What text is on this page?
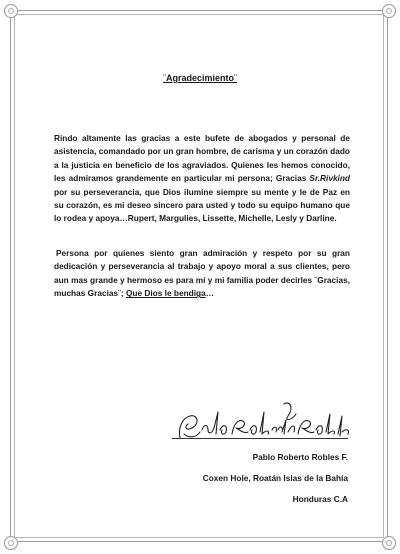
¨Agradecimiento¨

Rindo altamente las gracias a este bufete de abogados y personal de asistencia, comandado por un gran hombre, de carisma y un corazón dado a la justicia en beneficio de los agraviados. Quienes les hemos conocido, les admiramos grandemente en particular mi persona; Gracias Sr.Rivkind por su perseverancia, que Dios ilumine siempre su mente y le de Paz en su corazón, es mi deseo sincero para usted y todo su equipo humano que lo rodea y apoya…Rupert, Margulies, Lissette, Michelle, Lesly y Darline.

Persona por quienes siento gran admiración y respeto por su gran dedicación y perseverancia al trabajo y apoyo moral a sus clientes, pero aun mas grande y hermoso es para mí y mi familia poder decirles ¨Gracias, muchas Gracias¨; Que Dios le bendiga…

Pablo Roberto Robles F.

Coxen Hole, Roatán Islas de la Bahía

Honduras C.A
